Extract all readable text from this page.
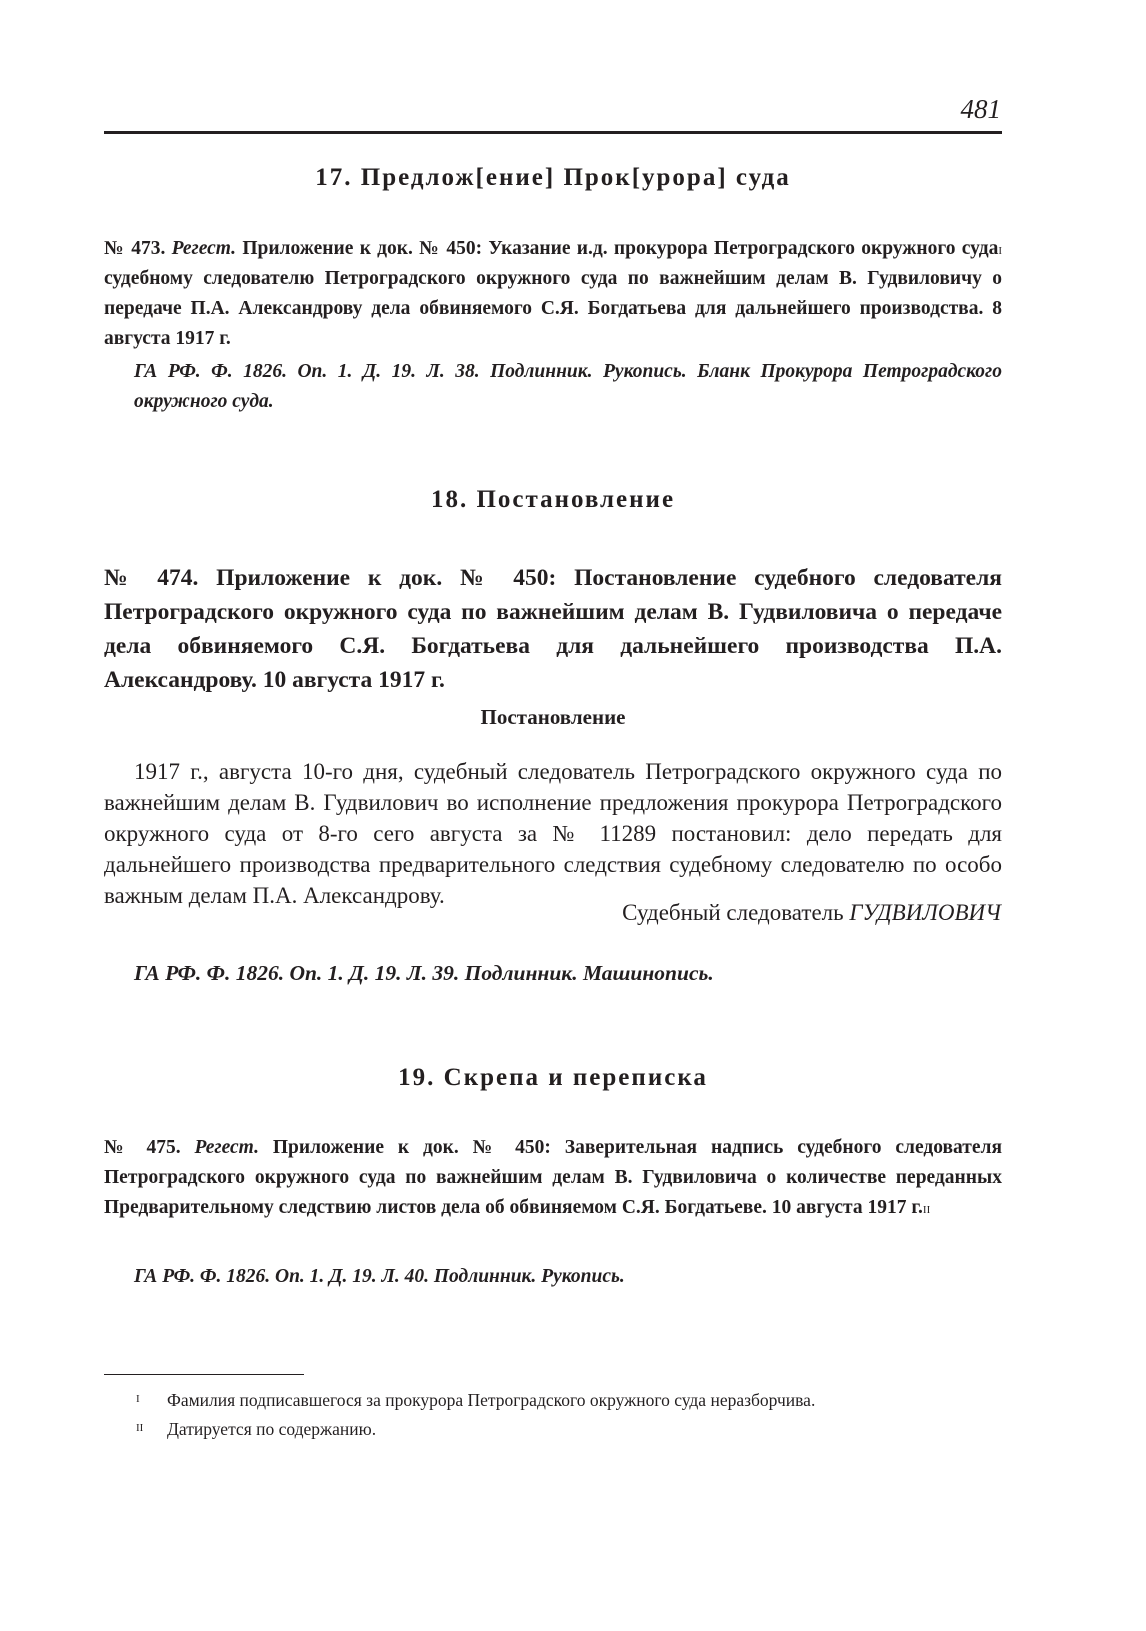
481
17. Предлож[ение] Прок[урора] суда

№ 473. Регест. Приложение к док. № 450: Указание и.д. прокурора Петроградского окружного суда$^I$ судебному следователю Петроградского окружного суда по важнейшим делам В. Гудвиловичу о передаче П.А. Александрову дела обвиняемого С.Я. Богдатьева для дальнейшего производства. 8 августа 1917 г.

ГА РФ. Ф. 1826. Оп. 1. Д. 19. Л. 38. Подлинник. Рукопись. Бланк Прокурора Петроградского окружного суда.

18. Постановление

№ 474. Приложение к док. № 450: Постановление судебного следователя Петроградского окружного суда по важнейшим делам В. Гудвиловича о передаче дела обвиняемого С.Я. Богдатьева для дальнейшего производства П.А. Александрову. 10 августа 1917 г.

Постановление

1917 г., августа 10-го дня, судебный следователь Петроградского окружного суда по важнейшим делам В. Гудвилович во исполнение предложения прокурора Петроградского окружного суда от 8-го сего августа за № 11289 постановил: дело передать для дальнейшего производства предварительного следствия судебному следователю по особо важным делам П.А. Александрову.

Судебный следователь ГУДВИЛОВИЧ

ГА РФ. Ф. 1826. Оп. 1. Д. 19. Л. 39. Подлинник. Машинопись.

19. Скрепа и переписка

№ 475. Регест. Приложение к док. № 450: Заверительная надпись судебного следователя Петроградского окружного суда по важнейшим делам В. Гудвиловича о количестве переданных Предварительному следствию листов дела об обвиняемом С.Я. Богдатьеве. 10 августа 1917 г.$^{II}$

ГА РФ. Ф. 1826. Оп. 1. Д. 19. Л. 40. Подлинник. Рукопись.

I Фамилия подписавшегося за прокурора Петроградского окружного суда неразборчива.
II Датируется по содержанию.
